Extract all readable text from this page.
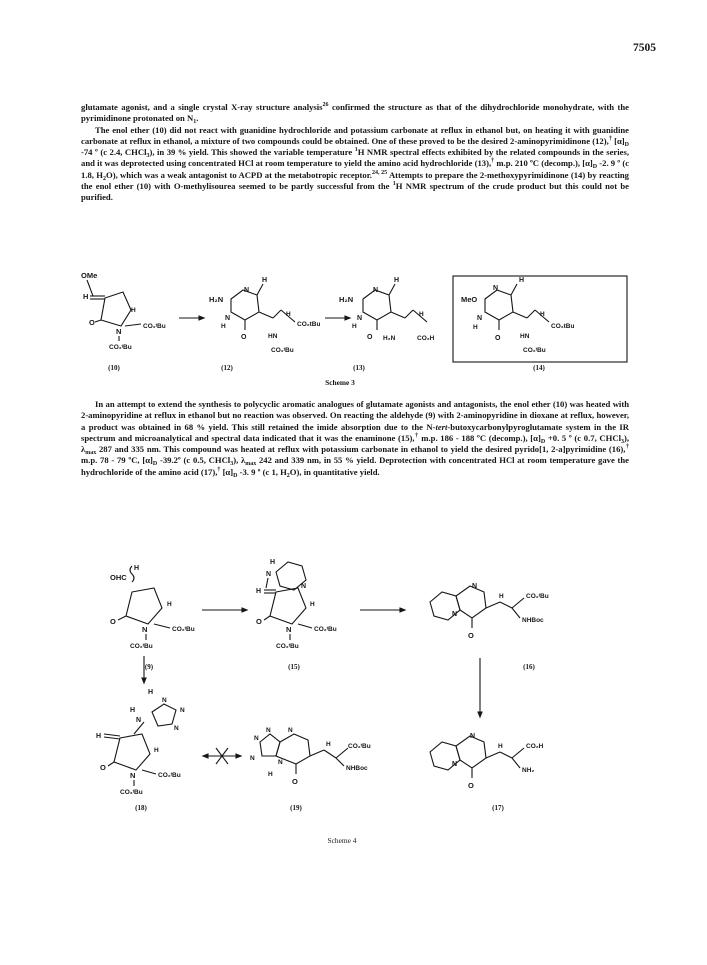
7505

glutamate agonist, and a single crystal X-ray structure analysis$^{26}$ confirmed the structure as that of the dihydrochloride monohydrate, with the pyrimidinone protonated on $N_1$.

The enol ether (10) did not react with guanidine hydrochloride and potassium carbonate at reflux in ethanol but, on heating it with guanidine carbonate at reflux in ethanol, a mixture of two compounds could be obtained. One of these proved to be the desired 2-aminopyrimidinone (12),† $[\alpha]_D$ -74 º (c 2.4, CHCl$_3$), in 39 % yield. This showed the variable temperature $^1$H NMR spectral effects exhibited by the related compounds in the series, and it was deprotected using concentrated HCl at room temperature to yield the amino acid hydrochloride (13),† m.p. 210 ºC (decomp.), $[\alpha]_D$ -2. 9 º (c 1.8, $H_2O$), which was a weak antagonist to ACPD at the metabotropic receptor.$^{24, 25}$ Attempts to prepare the 2-methoxypyrimidinone (14) by reacting the enol ether (10) with O-methylisourea seemed to be partly successful from the $^1$H NMR spectrum of the crude product but this could not be purified.

OMe
H
O
N
H
CO₂ᵗBu
CO₂ᵗBu
H₂N
N
N
H
H
O
H
CO₂tBu
HN
CO₂ᵗBu
H₂N
N
N
H
H
O
H
CO₂H
H₂N
MeO
N
N
H
H
O
H
CO₂tBu
HN
CO₂ᵗBu
(10)	(12)	(13)	(14)
Scheme 3

In an attempt to extend the synthesis to polycyclic aromatic analogues of glutamate agonists and antagonists, the enol ether (10) was heated with 2-aminopyridine at reflux in ethanol but no reaction was observed. On reacting the aldehyde (9) with 2-aminopyridine in dioxane at reflux, however, a product was obtained in 68 % yield. This still retained the imide absorption due to the N-tert-butoxycarbonylpyroglutamate system in the IR spectrum and microanalytical and spectral data indicated that it was the enaminone (15),† m.p. 186 - 188 ºC (decomp.), $[\alpha]_D +0$. 5 º (c 0.7, CHCl$_3$), $\lambda_{max}$ 287 and 335 nm. This compound was heated at reflux with potassium carbonate in ethanol to yield the desired pyrido[1, 2-a]pyrimidine (16),† m.p. 78 - 79 ºC, $[\alpha]_D$ -39.2º (c 0.5, CHCl$_3$), $\lambda_{max}$ 242 and 339 nm, in 55 % yield. Deprotection with concentrated HCl at room temperature gave the hydrochloride of the amino acid (17),† $[\alpha]_D$ -3. 9 º (c 1, $H_2O$), in quantitative yield.

OHC
H
H
O
N	CO₂ᵗBu
CO₂ᵗBu
H
N
N
H
H
O
N	CO₂ᵗBu
CO₂ᵗBu
N
N
O
H	CO₂ᵗBu
NHBoc
H
H
N
N
N
N
H
H
O
N	CO₂ᵗBu
CO₂ᵗBu
N
N
N
N
N
H
O
H	CO₂ᵗBu
NHBoc
N
N
O
H	CO₂H
NH₂
(9)	(15)	(16)
(18)	(19)	(17)
Scheme 4
